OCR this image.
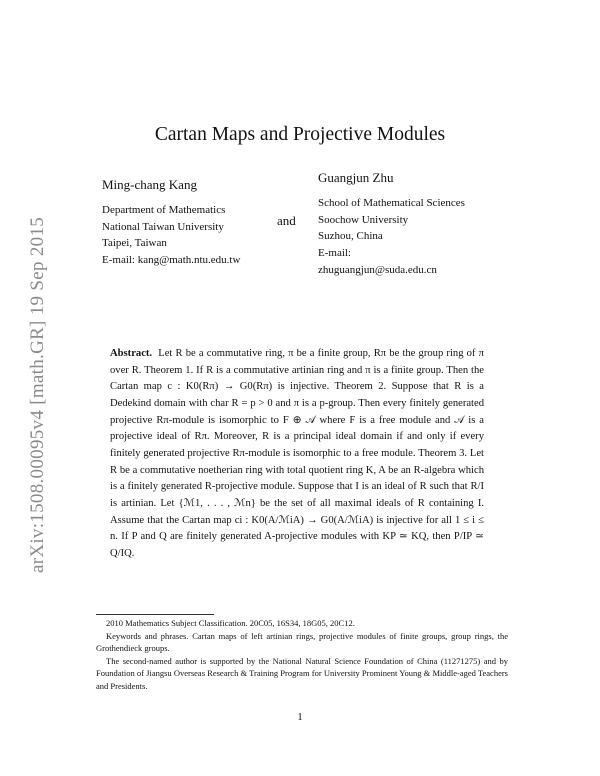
arXiv:1508.00095v4 [math.GR] 19 Sep 2015
Cartan Maps and Projective Modules
Ming-chang Kang
Department of Mathematics
National Taiwan University
Taipei, Taiwan
E-mail: kang@math.ntu.edu.tw
and
Guangjun Zhu
School of Mathematical Sciences
Soochow University
Suzhou, China
E-mail:
zhuguangjun@suda.edu.cn

Abstract. Let R be a commutative ring, π be a finite group, Rπ be the group ring of π over R. Theorem 1. If R is a commutative artinian ring and π is a finite group. Then the Cartan map c : K0(Rπ) → G0(Rπ) is injective. Theorem 2. Suppose that R is a Dedekind domain with char R = p > 0 and π is a p-group. Then every finitely generated projective Rπ-module is isomorphic to F ⊕ 𝒜 where F is a free module and 𝒜 is a projective ideal of Rπ. Moreover, R is a principal ideal domain if and only if every finitely generated projective Rπ-module is isomorphic to a free module. Theorem 3. Let R be a commutative noetherian ring with total quotient ring K, A be an R-algebra which is a finitely generated R-projective module. Suppose that I is an ideal of R such that R/I is artinian. Let {ℳ1, . . . , ℳn} be the set of all maximal ideals of R containing I. Assume that the Cartan map ci : K0(A/ℳiA) → G0(A/ℳiA) is injective for all 1 ≤ i ≤ n. If P and Q are finitely generated A-projective modules with KP ≃ KQ, then P/IP ≃ Q/IQ.

2010 Mathematics Subject Classification. 20C05, 16S34, 18G05, 20C12.

Keywords and phrases. Cartan maps of left artinian rings, projective modules of finite groups, group rings, the Grothendieck groups.

The second-named author is supported by the National Natural Science Foundation of China (11271275) and by Foundation of Jiangsu Overseas Research & Training Program for University Prominent Young & Middle-aged Teachers and Presidents.

1
